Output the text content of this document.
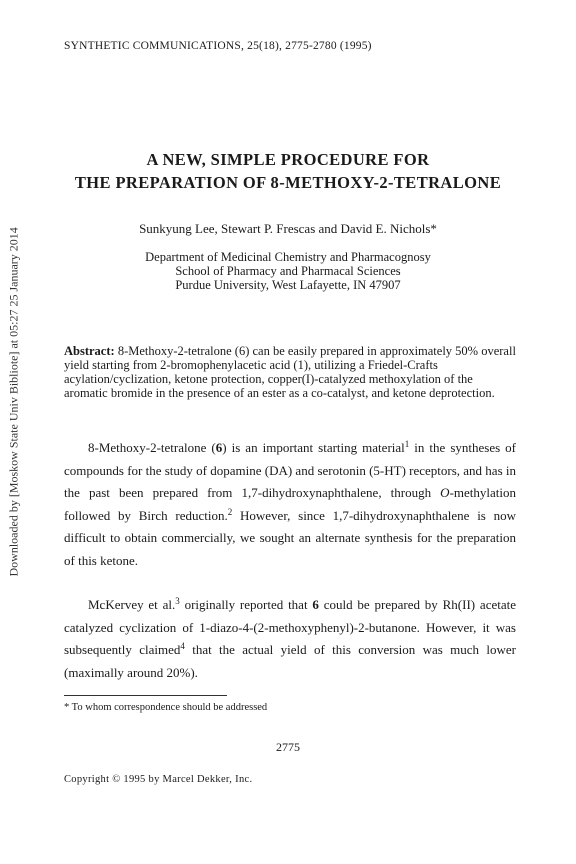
SYNTHETIC COMMUNICATIONS, 25(18), 2775-2780 (1995)
A NEW, SIMPLE PROCEDURE FOR
THE PREPARATION OF 8-METHOXY-2-TETRALONE
Sunkyung Lee, Stewart P. Frescas and David E. Nichols*
Department of Medicinal Chemistry and Pharmacognosy
School of Pharmacy and Pharmacal Sciences
Purdue University, West Lafayette, IN 47907
Abstract: 8-Methoxy-2-tetralone (6) can be easily prepared in approximately 50% overall yield starting from 2-bromophenylacetic acid (1), utilizing a Friedel-Crafts acylation/cyclization, ketone protection, copper(I)-catalyzed methoxylation of the aromatic bromide in the presence of an ester as a co-catalyst, and ketone deprotection.
8-Methoxy-2-tetralone (6) is an important starting material$^1$ in the syntheses of compounds for the study of dopamine (DA) and serotonin (5-HT) receptors, and has in the past been prepared from 1,7-dihydroxynaphthalene, through O-methylation followed by Birch reduction.$^2$ However, since 1,7-dihydroxynaphthalene is now difficult to obtain commercially, we sought an alternate synthesis for the preparation of this ketone.
McKervey et al.$^3$ originally reported that 6 could be prepared by Rh(II) acetate catalyzed cyclization of 1-diazo-4-(2-methoxyphenyl)-2-butanone. However, it was subsequently claimed$^4$ that the actual yield of this conversion was much lower (maximally around 20%).
* To whom correspondence should be addressed
2775
Copyright © 1995 by Marcel Dekker, Inc.
Downloaded by [Moskow State Univ Bibliote] at 05:27 25 January 2014
